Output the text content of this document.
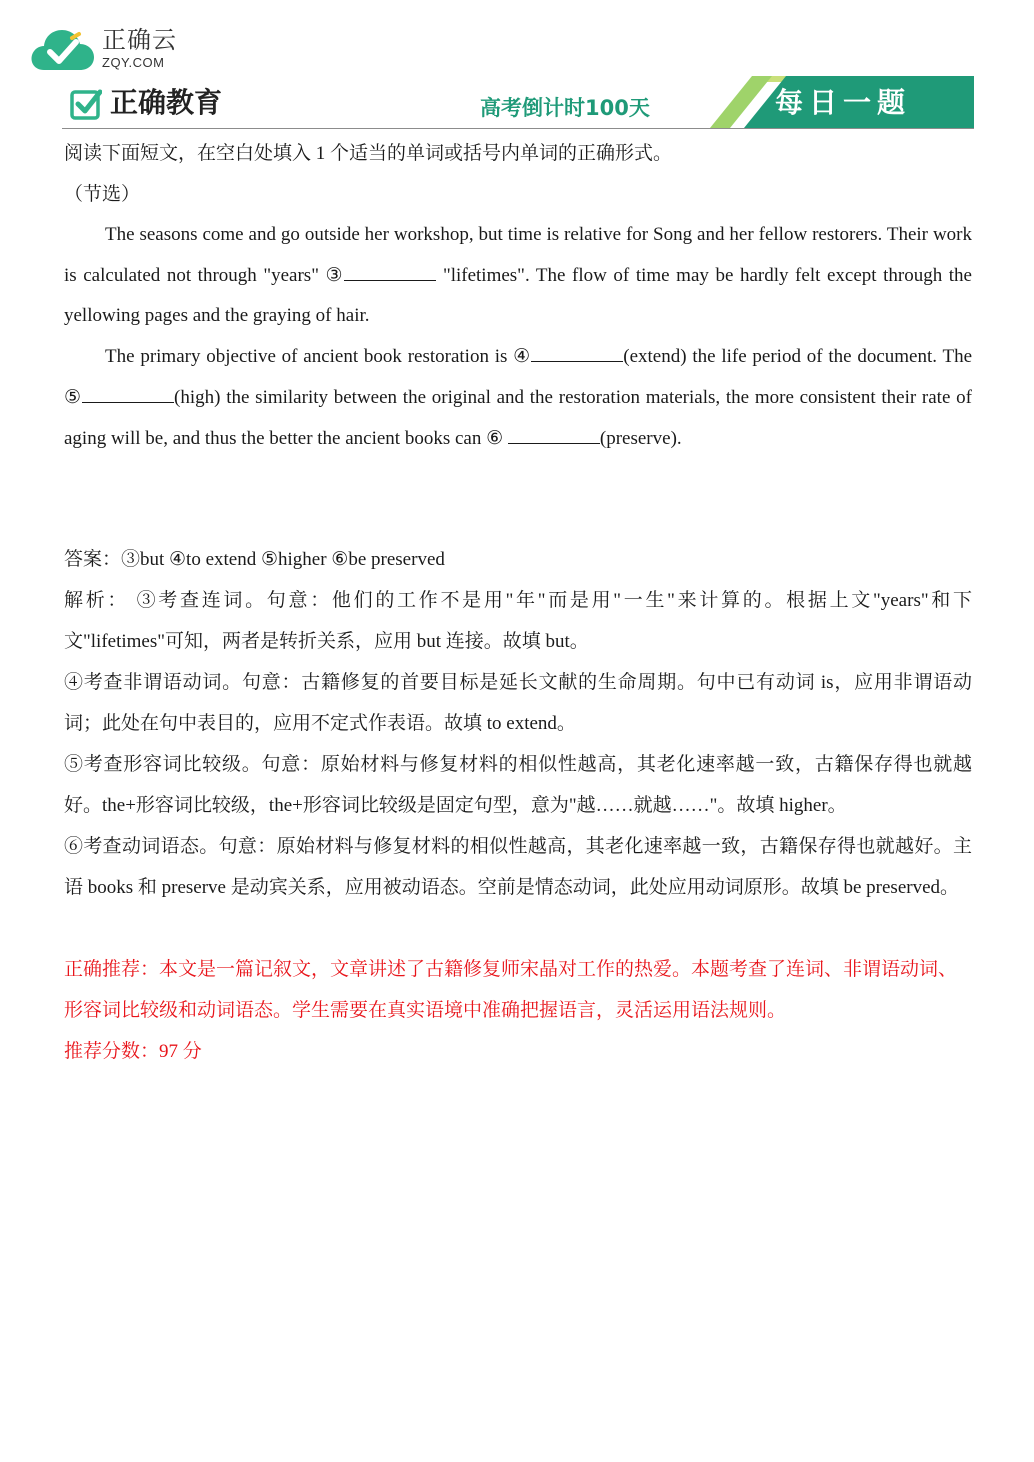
正确云
ZQY.COM
正确教育	高考倒计时100天	每日一题

阅读下面短文，在空白处填入 1 个适当的单词或括号内单词的正确形式。

（节选）

The seasons come and go outside her workshop, but time is relative for Song and her fellow restorers. Their work is calculated not through "years" ③	"lifetimes". The flow of time may be hardly felt except through the yellowing pages and the graying of hair.

The primary objective of ancient book restoration is ④	(extend) the life period of the document. The ⑤	(high) the similarity between the original and the restoration materials, the more consistent their rate of aging will be, and thus the better the ancient books can ⑥	(preserve).

答案：③but ④to extend ⑤higher ⑥be preserved

解析： ③考查连词。句意：他们的工作不是用"年"而是用"一生"来计算的。根据上文"years"和下文"lifetimes"可知，两者是转折关系，应用 but 连接。故填 but。

④考查非谓语动词。句意：古籍修复的首要目标是延长文献的生命周期。句中已有动词 is，应用非谓语动词；此处在句中表目的，应用不定式作表语。故填 to extend。

⑤考查形容词比较级。句意：原始材料与修复材料的相似性越高，其老化速率越一致，古籍保存得也就越好。the+形容词比较级，the+形容词比较级是固定句型，意为"越……就越……"。故填 higher。

⑥考查动词语态。句意：原始材料与修复材料的相似性越高，其老化速率越一致，古籍保存得也就越好。主语 books 和 preserve 是动宾关系，应用被动语态。空前是情态动词，此处应用动词原形。故填 be preserved。

正确推荐：本文是一篇记叙文，文章讲述了古籍修复师宋晶对工作的热爱。本题考查了连词、非谓语动词、形容词比较级和动词语态。学生需要在真实语境中准确把握语言，灵活运用语法规则。

推荐分数：97 分
